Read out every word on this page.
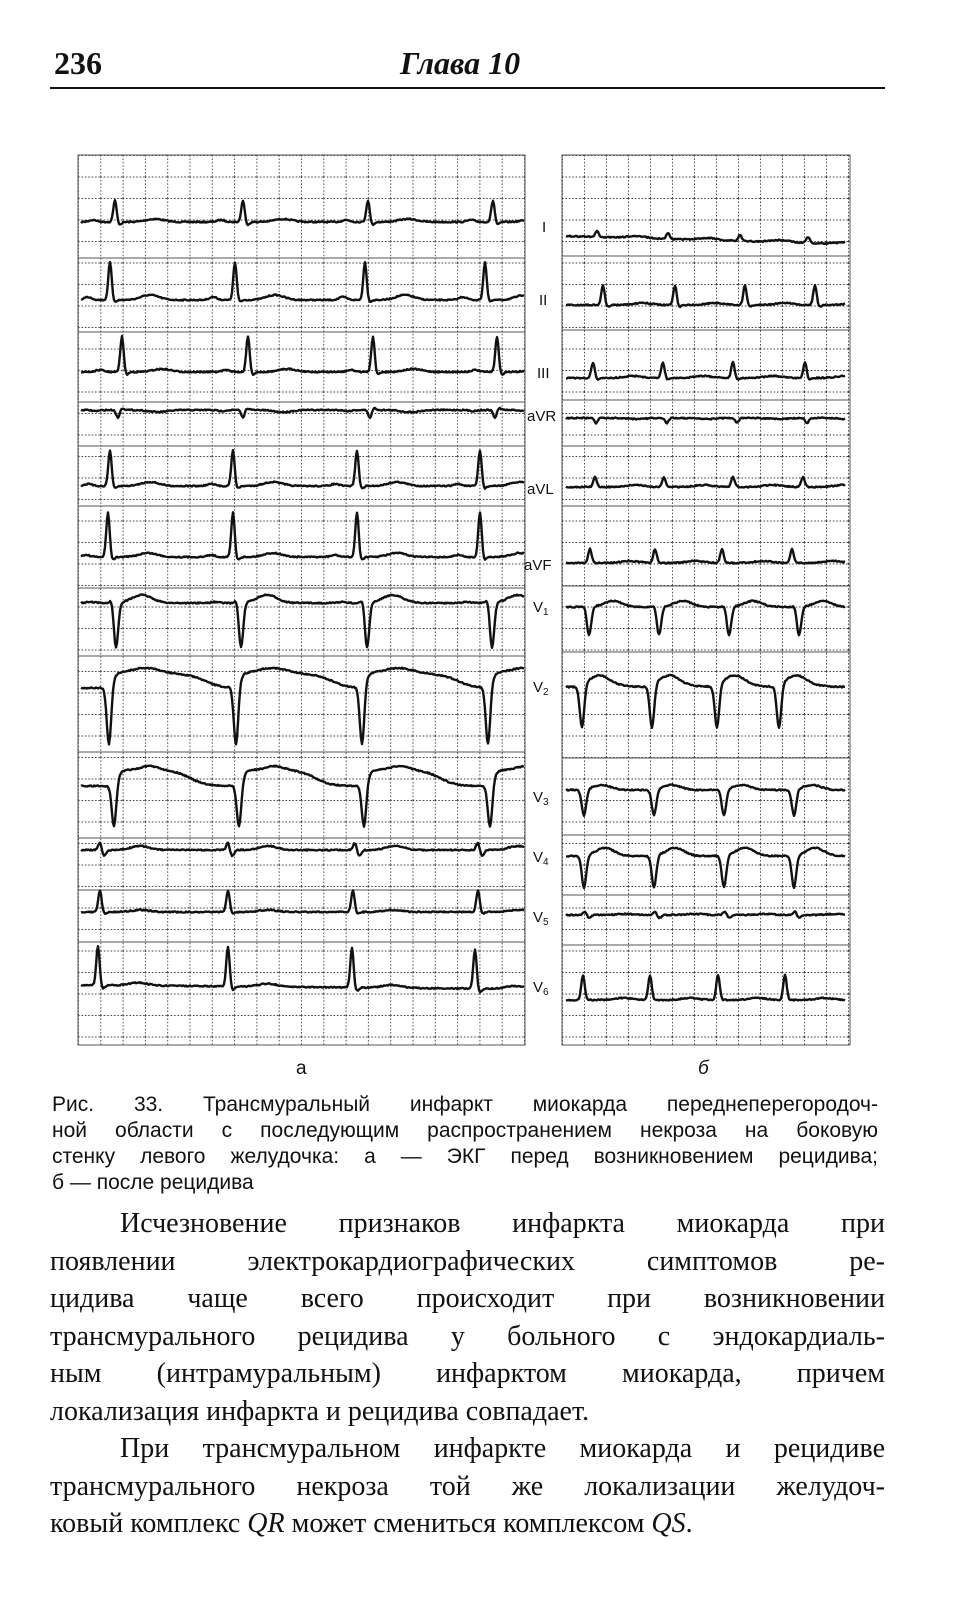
236	Глава 10
I
II
III
aVR
aVL
aVF
$V_1$
$V_2$
$V_3$
$V_4$
$V_5$
$V_6$
а	б
Рис. 33. Трансмуральный инфаркт миокарда переднеперегородоч-
ной области с последующим распространением некроза на боковую
стенку левого желудочка: а — ЭКГ перед возникновением рецидива;
б — после рецидива
Исчезновение признаков инфаркта миокарда при
появлении электрокардиографических симптомов ре-
цидива чаще всего происходит при возникновении
трансмурального рецидива у больного с эндокардиаль-
ным (интрамуральным) инфарктом миокарда, причем
локализация инфаркта и рецидива совпадает.
При трансмуральном инфаркте миокарда и рецидиве
трансмурального некроза той же локализации желудоч-
ковый комплекс QR может смениться комплексом QS.
